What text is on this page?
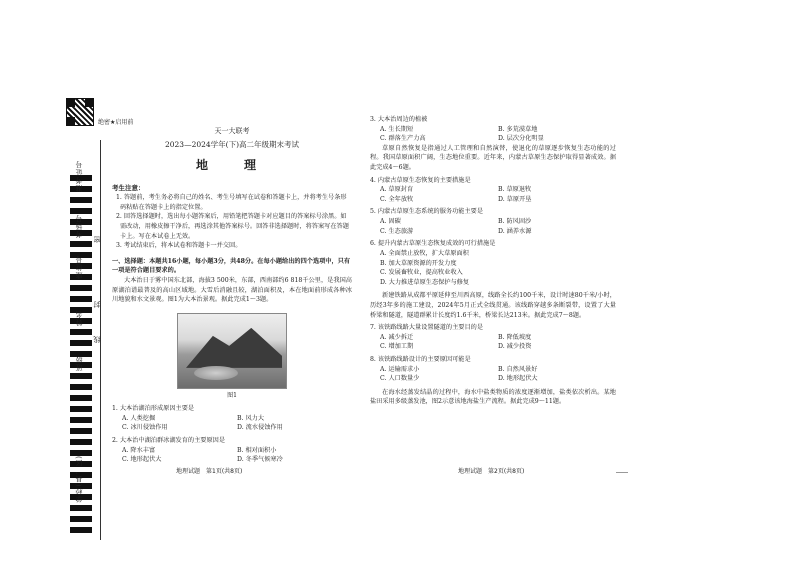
绝密★启用前
准考证号
考场号
座位号
姓名
班级
学校(县、区)
密
封
线
天一大联考
2023—2024学年(下)高二年级期末考试
地　理
考生注意：
1. 答题前，考生务必将自己的姓名、考生号填写在试卷和答题卡上，并将考生号条形码粘贴在答题卡上的指定位置。
2. 回答选择题时，选出每小题答案后，用铅笔把答题卡对应题目的答案标号涂黑。如需改动，用橡皮擦干净后，再选涂其他答案标号。回答非选择题时，将答案写在答题卡上。写在本试卷上无效。
3. 考试结束后，将本试卷和答题卡一并交回。
一、选择题：本题共16小题，每小题3分，共48分。在每小题给出的四个选项中，只有一项是符合题目要求的。
大本治日于雾中国东北部，海拔3 500米，东部，西南部约6 818千公里，是我国高原湖泊谱最普及的高山区域地。大雪后消融且较，湖泊面积及，本在地面前形成各种冰川地貌和水文景观。图1为大本治景观。据此完成1～3题。
图1
1. 大本治湖泊形成原因主要是
A. 人类挖掘	B. 风力大
C. 冰川侵蚀作用	D. 流水侵蚀作用
2. 大本治中湖泊群冰湖发育的主要原因是
A. 降水丰富	B. 相对面积小
C. 地形起伏大	D. 冬季气候寒冷
3. 大本治周边的植被
A. 生长期短	B. 多荒漠草地
C. 群落生产力高	D. 层次分化明显
草原自然恢复是指通过人工管理和自然演替，使退化的草原逐步恢复生态功能的过程。我国草原面积广阔，生态地位重要。近年来，内蒙古草原生态保护取得显著成效。据此完成4～6题。
4. 内蒙古草原生态恢复的主要措施是
A. 草原封育	B. 草原退牧
C. 全年放牧	D. 草原开垦
5. 内蒙古草原生态系统的服务功能主要是
A. 固碳	B. 防风固沙
C. 生态旅游	D. 涵养水源
6. 提升内蒙古草原生态恢复成效的可行措施是
A. 全面禁止放牧，扩大草原面积
B. 加大草原资源的开发力度
C. 发展畜牧业，提高牧业收入
D. 大力推进草原生态保护与修复
新建铁路从成都平原延伸至川西高原，线路全长约100千米，设计时速80千米/小时，历经3年多的施工建设，2024年5月正式全线贯通。该线路穿越多条断裂带，设置了大量桥梁和隧道，隧道群累计长度约1.6千米，桥梁长达213米。据此完成7～8题。
7. 该铁路线路大量设置隧道的主要目的是
A. 减少拆迁	B. 降低坡度
C. 增加工期	D. 减少投资
8. 该铁路线路设计的主要原因可能是
A. 运输需求小	B. 自然风景好
C. 人口数量少	D. 地形起伏大
在海水经蒸发结晶的过程中，海水中盐类物质的浓度逐渐增加，盐类依次析出。某地盐田采用多级蒸发池，图2示意该地海盐生产流程。据此完成9～11题。
地理试题　第1页(共8页)	地理试题　第2页(共8页)
